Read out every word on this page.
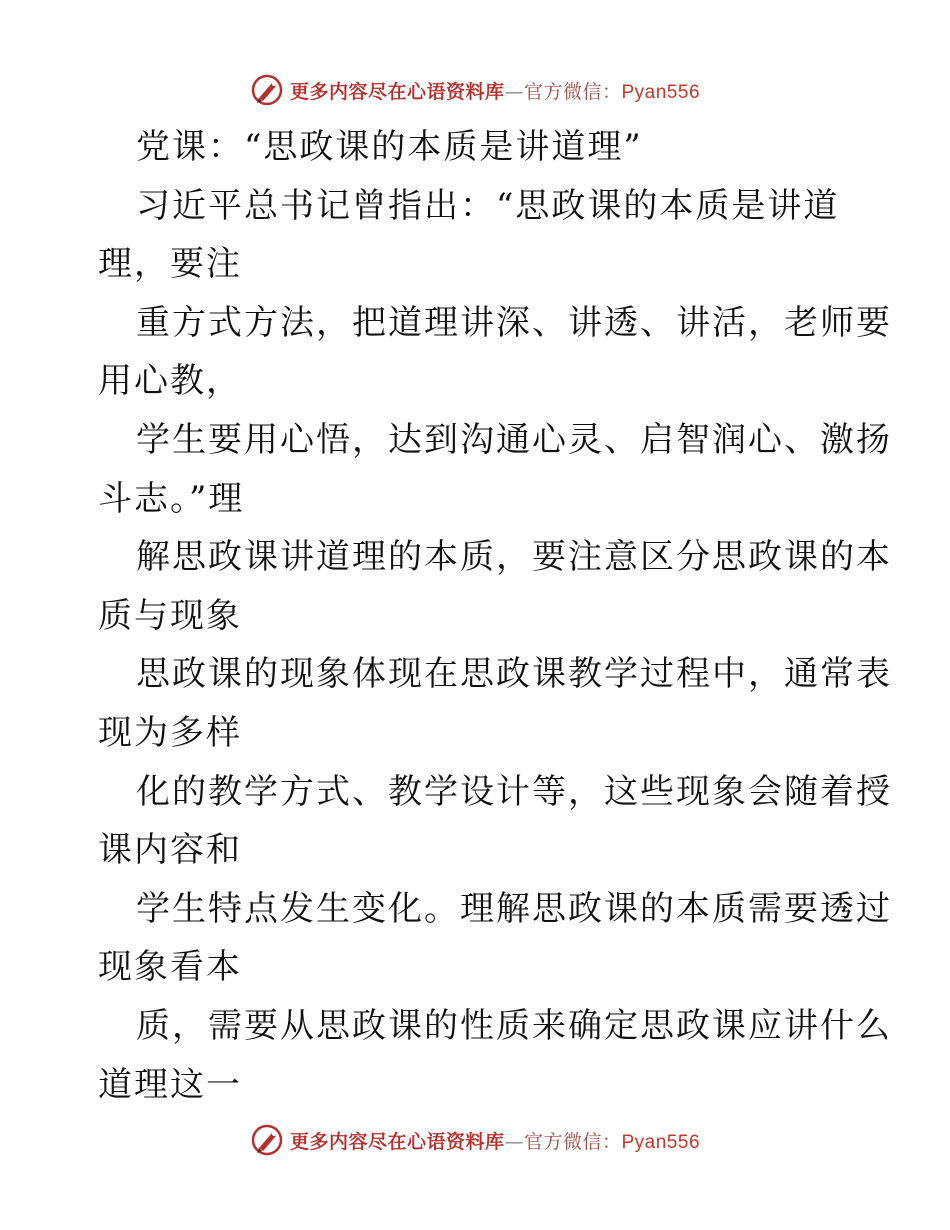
更多内容尽在心语资料库—官方微信：Pyan556
党课：“思政课的本质是讲道理”
习近平总书记曾指出：“思政课的本质是讲道
理，要注
重方式方法，把道理讲深、讲透、讲活，老师要
用心教，
学生要用心悟，达到沟通心灵、启智润心、激扬
斗志。”理
解思政课讲道理的本质，要注意区分思政课的本
质与现象
思政课的现象体现在思政课教学过程中，通常表
现为多样
化的教学方式、教学设计等，这些现象会随着授
课内容和
学生特点发生变化。理解思政课的本质需要透过
现象看本
质，需要从思政课的性质来确定思政课应讲什么
道理这一
更多内容尽在心语资料库—官方微信：Pyan556
